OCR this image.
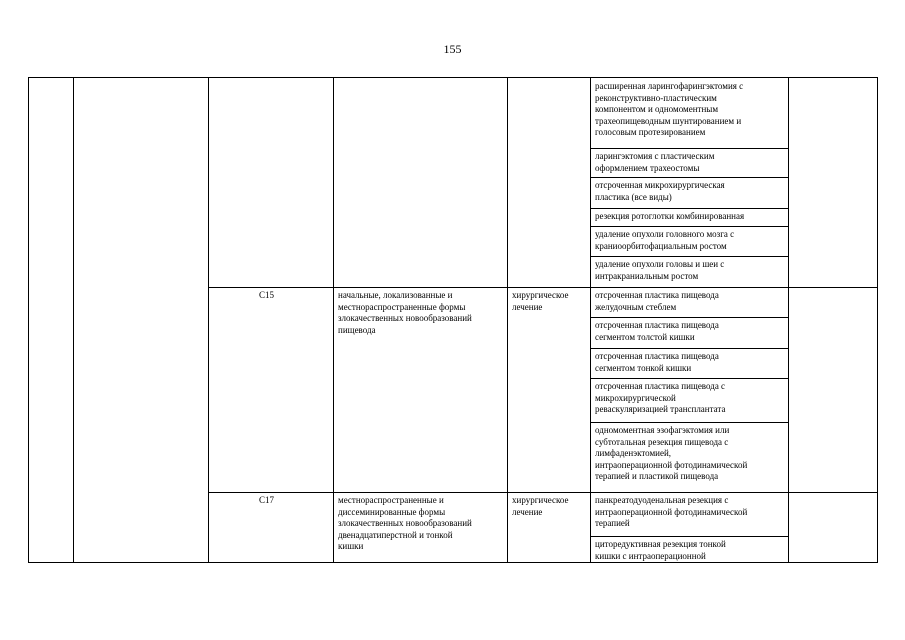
155
расширенная ларингофарингэктомия с
реконструктивно-пластическим
компонентом и одномоментным
трахеопищеводным шунтированием и
голосовым протезированием
ларингэктомия с пластическим
оформлением трахеостомы
отсроченная микрохирургическая
пластика (все виды)
резекция ротоглотки комбинированная
удаление опухоли головного мозга с
краниоорбитофациальным ростом
удаление опухоли головы и шеи с
интракраниальным ростом
C15	начальные, локализованные и
местнораспространенные формы
злокачественных новообразований
пищевода
хирургическое
лечение
отсроченная пластика пищевода
желудочным стеблем
отсроченная пластика пищевода
сегментом толстой кишки
отсроченная пластика пищевода
сегментом тонкой кишки
отсроченная пластика пищевода с
микрохирургической
реваскуляризацией трансплантата
одномоментная эзофагэктомия или
субтотальная резекция пищевода с
лимфаденэктомией,
интраоперационной фотодинамической
терапией и пластикой пищевода
C17	местнораспространенные и
диссеминированные формы
злокачественных новообразований
двенадцатиперстной и тонкой
кишки
хирургическое
лечение
панкреатодуоденальная резекция с
интраоперационной фотодинамической
терапией
циторедуктивная резекция тонкой
кишки с интраоперационной
